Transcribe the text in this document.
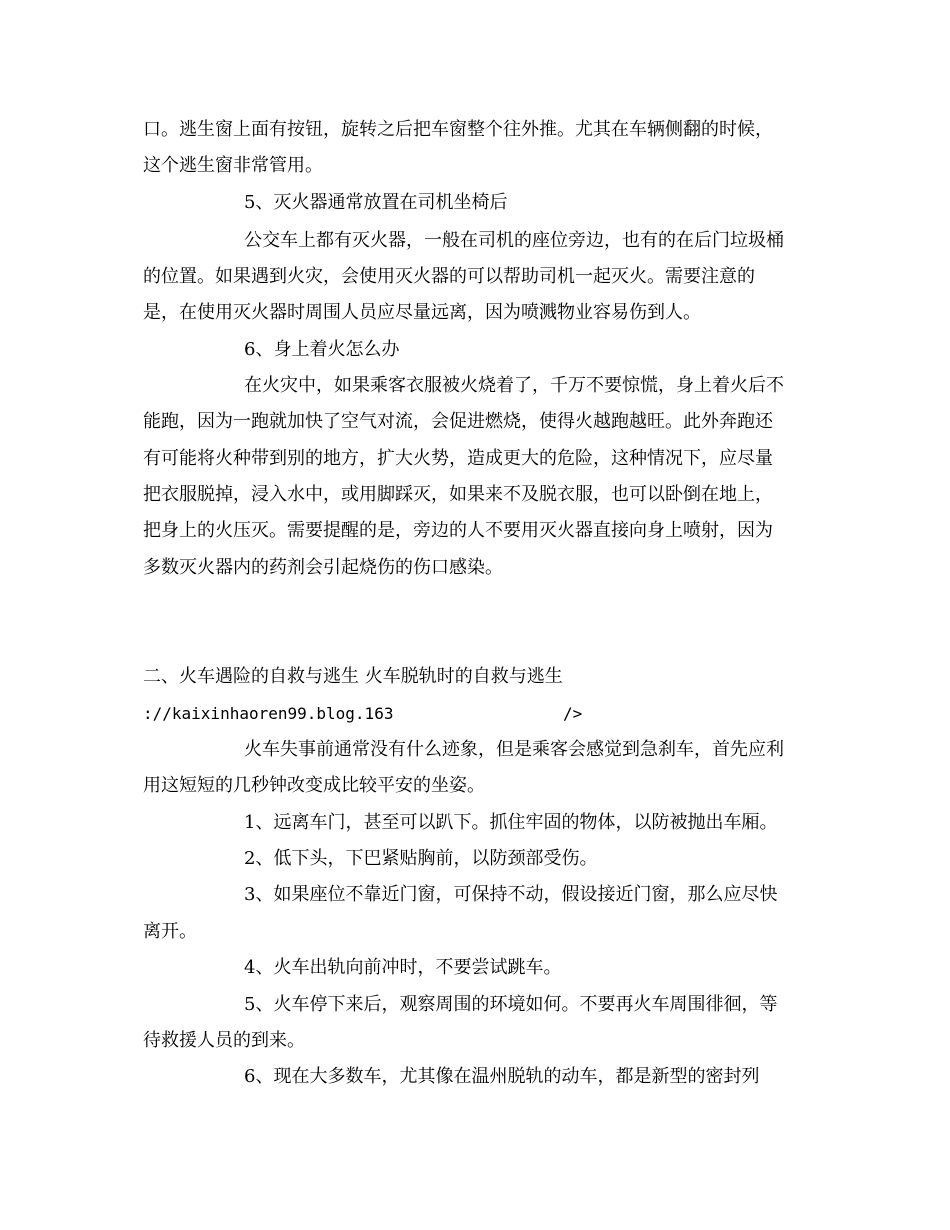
口。逃生窗上面有按钮，旋转之后把车窗整个往外推。尤其在车辆侧翻的时候，
这个逃生窗非常管用。
5、灭火器通常放置在司机坐椅后
公交车上都有灭火器，一般在司机的座位旁边，也有的在后门垃圾桶
的位置。如果遇到火灾，会使用灭火器的可以帮助司机一起灭火。需要注意的
是，在使用灭火器时周围人员应尽量远离，因为喷溅物业容易伤到人。
6、身上着火怎么办
在火灾中，如果乘客衣服被火烧着了，千万不要惊慌，身上着火后不
能跑，因为一跑就加快了空气对流，会促进燃烧，使得火越跑越旺。此外奔跑还
有可能将火种带到别的地方，扩大火势，造成更大的危险，这种情况下，应尽量
把衣服脱掉，浸入水中，或用脚踩灭，如果来不及脱衣服，也可以卧倒在地上，
把身上的火压灭。需要提醒的是，旁边的人不要用灭火器直接向身上喷射，因为
多数灭火器内的药剂会引起烧伤的伤口感染。
二、火车遇险的自救与逃生 火车脱轨时的自救与逃生
://kaixinhaoren99.blog.163	/>
火车失事前通常没有什么迹象，但是乘客会感觉到急刹车，首先应利
用这短短的几秒钟改变成比较平安的坐姿。
1、远离车门，甚至可以趴下。抓住牢固的物体，以防被抛出车厢。
2、低下头，下巴紧贴胸前，以防颈部受伤。
3、如果座位不靠近门窗，可保持不动，假设接近门窗，那么应尽快
离开。
4、火车出轨向前冲时，不要尝试跳车。
5、火车停下来后，观察周围的环境如何。不要再火车周围徘徊，等
待救援人员的到来。
6、现在大多数车，尤其像在温州脱轨的动车，都是新型的密封列
